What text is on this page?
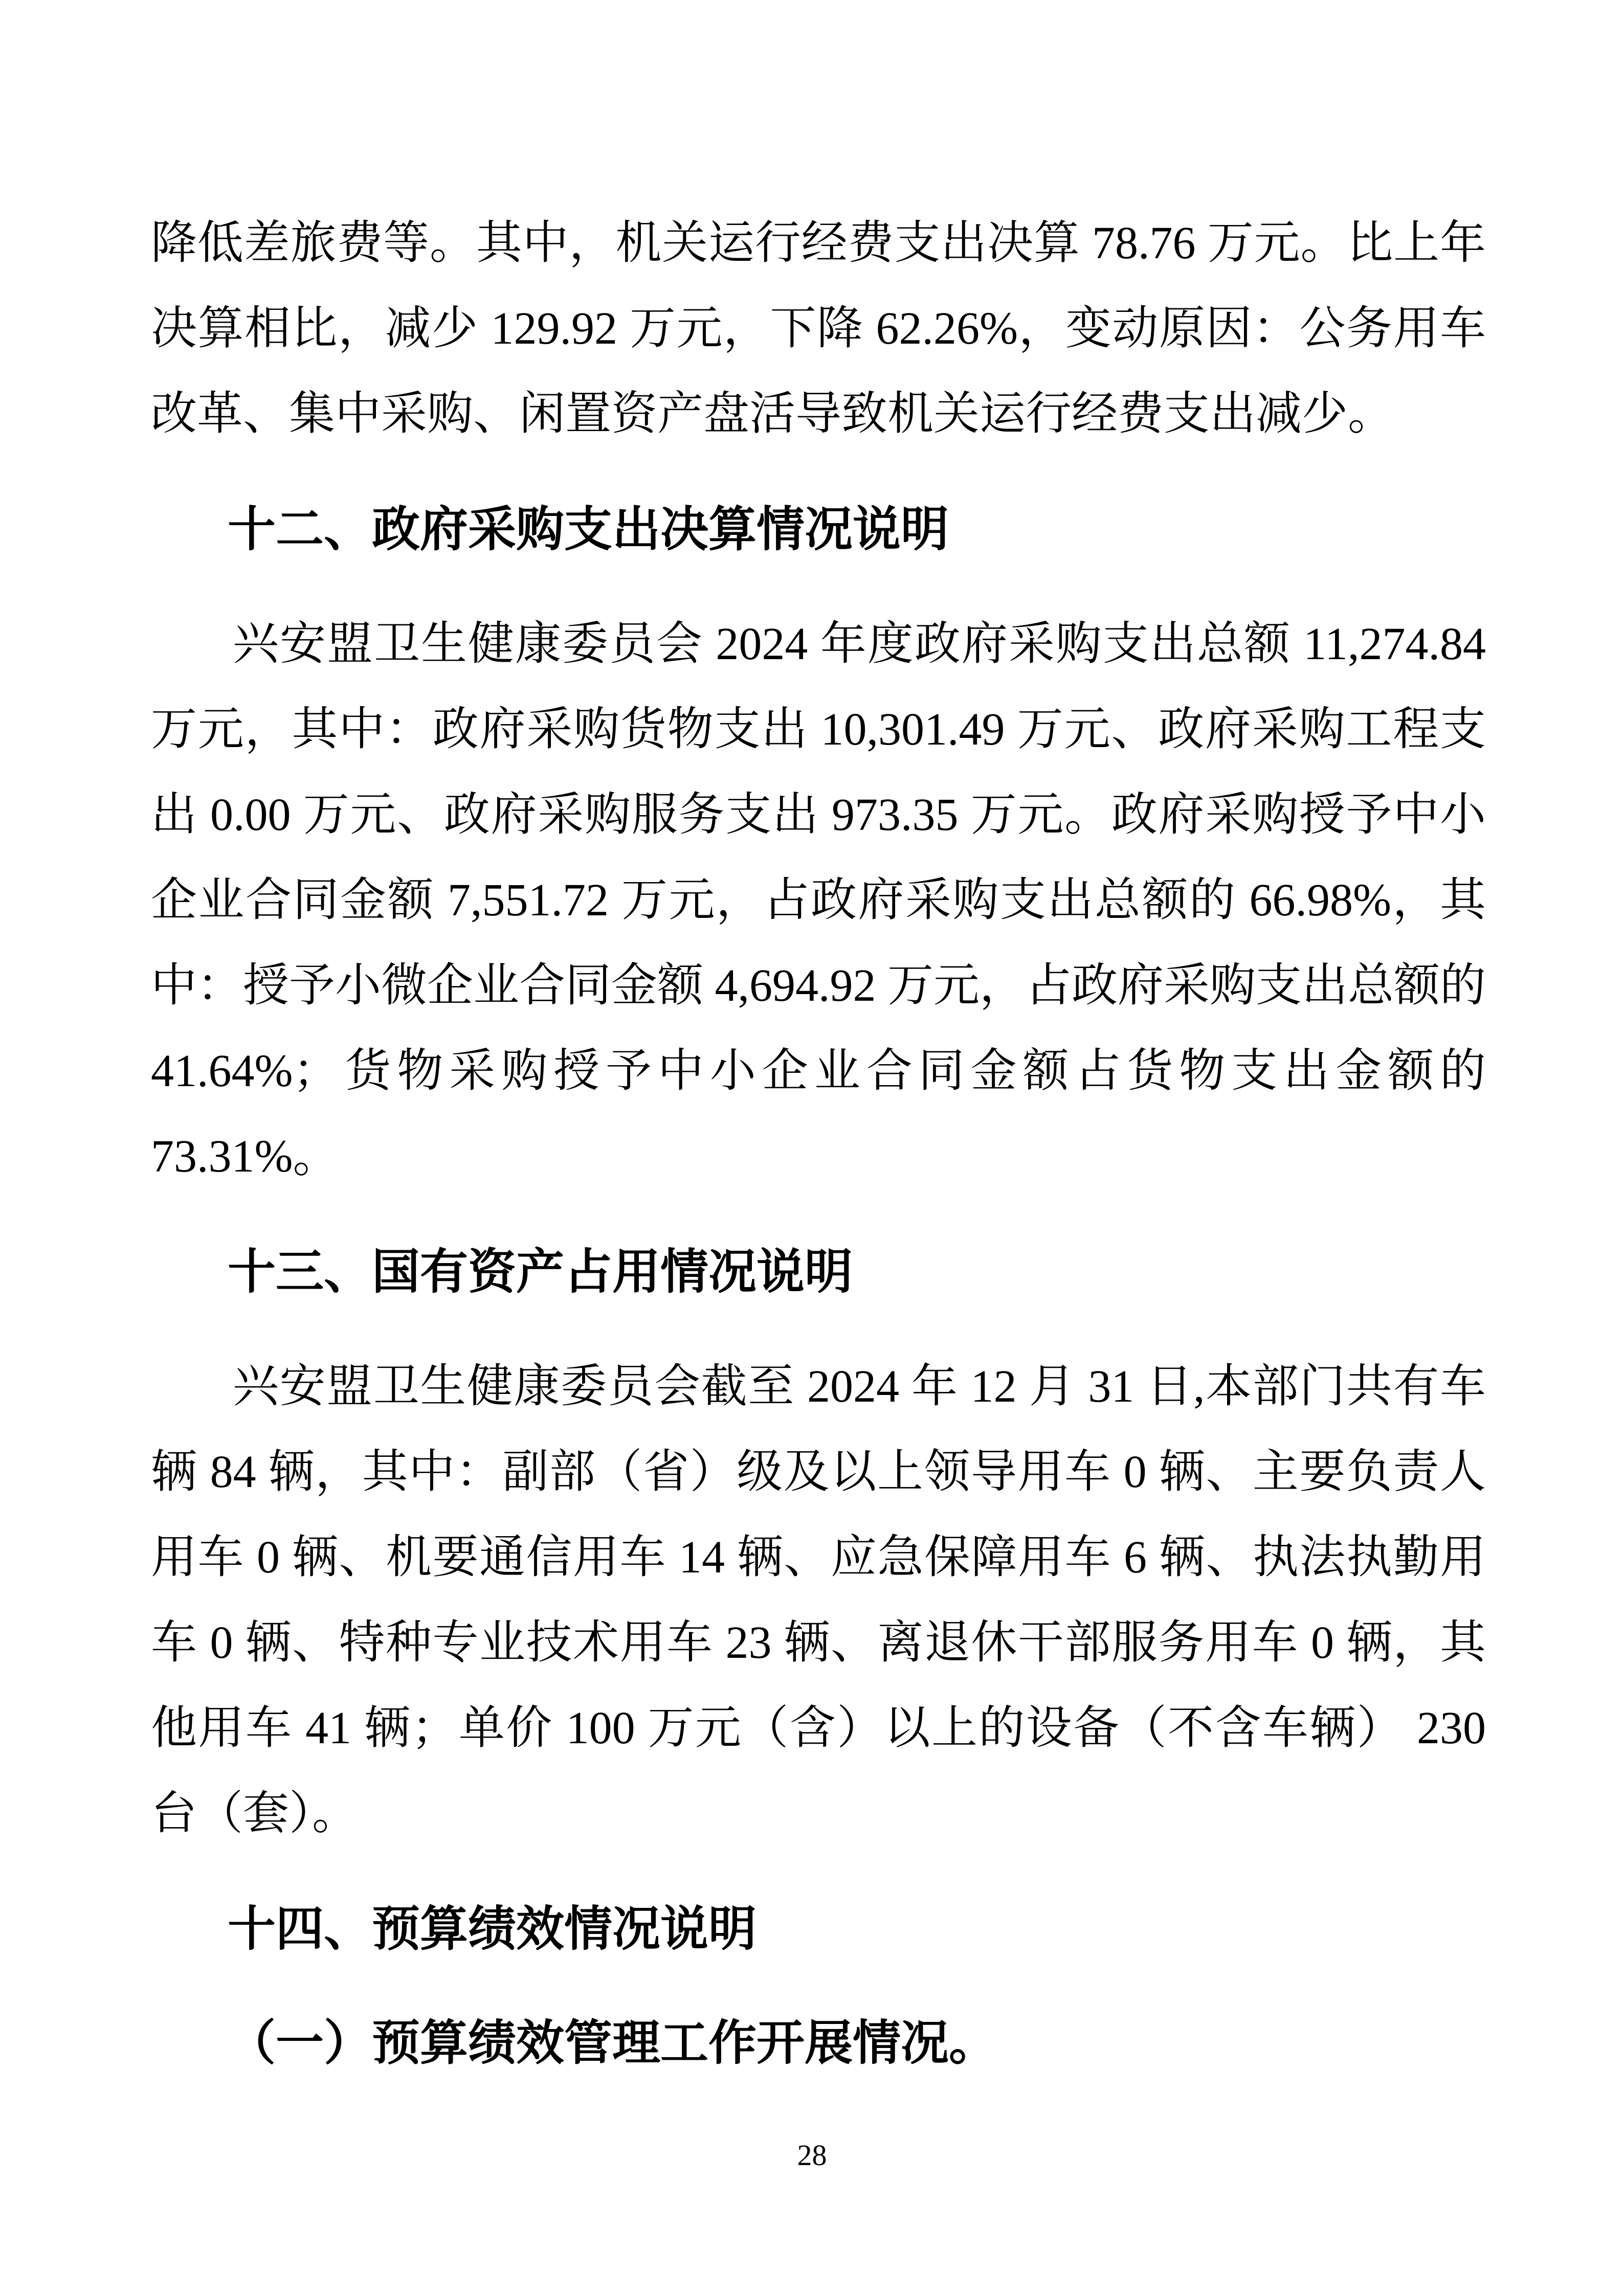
降低差旅费等。其中，机关运行经费支出决算 78.76 万元。比上年决算相比，减少 129.92 万元，下降 62.26%，变动原因：公务用车改革、集中采购、闲置资产盘活导致机关运行经费支出减少。

十二、政府采购支出决算情况说明

兴安盟卫生健康委员会 2024 年度政府采购支出总额 11,274.84 万元，其中：政府采购货物支出 10,301.49 万元、政府采购工程支出 0.00 万元、政府采购服务支出 973.35 万元。政府采购授予中小企业合同金额 7,551.72 万元，占政府采购支出总额的 66.98%，其中：授予小微企业合同金额 4,694.92 万元，占政府采购支出总额的 41.64%；货物采购授予中小企业合同金额占货物支出金额的 73.31%。

十三、国有资产占用情况说明

兴安盟卫生健康委员会截至 2024 年 12 月 31 日,本部门共有车辆 84 辆，其中：副部（省）级及以上领导用车 0 辆、主要负责人用车 0 辆、机要通信用车 14 辆、应急保障用车 6 辆、执法执勤用车 0 辆、特种专业技术用车 23 辆、离退休干部服务用车 0 辆，其他用车 41 辆；单价 100 万元（含）以上的设备（不含车辆） 230 台（套）。

十四、预算绩效情况说明

（一）预算绩效管理工作开展情况。

28
